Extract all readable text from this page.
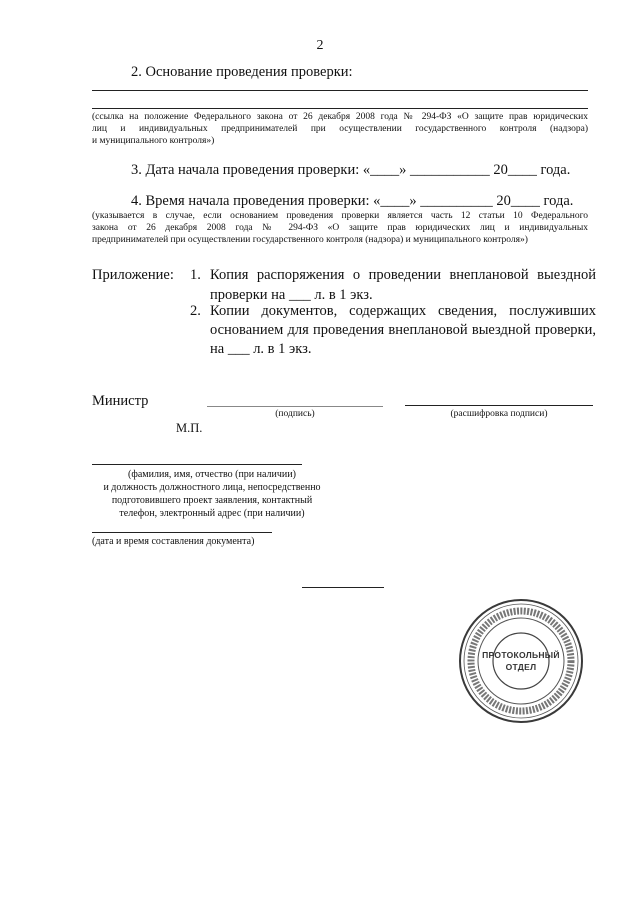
2
2. Основание проведения проверки:
(ссылка на положение Федерального закона от 26 декабря 2008 года № 294-ФЗ «О защите прав юридических
лиц и индивидуальных предпринимателей при осуществлении государственного контроля (надзора)
и муниципального контроля»)
3. Дата начала проведения проверки: «____» ___________ 20____ года.
4. Время начала проведения проверки: «____» __________ 20____ года.
(указывается в случае, если основанием проведения проверки является часть 12 статьи 10 Федерального
закона от 26 декабря 2008 года № 294-ФЗ «О защите прав юридических лиц и индивидуальных
предпринимателей при осуществлении государственного контроля (надзора) и муниципального контроля»)
Приложение: 1. Копия распоряжения о проведении внеплановой выездной
проверки на ___ л. в 1 экз.
2. Копии документов, содержащих сведения, послуживших
основанием для проведения внеплановой выездной проверки,
на ___ л. в 1 экз.
Министр
(подпись)	(расшифровка подписи)
М.П.
(фамилия, имя, отчество (при наличии)
и должность должностного лица, непосредственно
подготовившего проект заявления, контактный
телефон, электронный адрес (при наличии)
(дата и время составления документа)
ПРОТОКОЛЬНЫЙ
ОТДЕЛ
